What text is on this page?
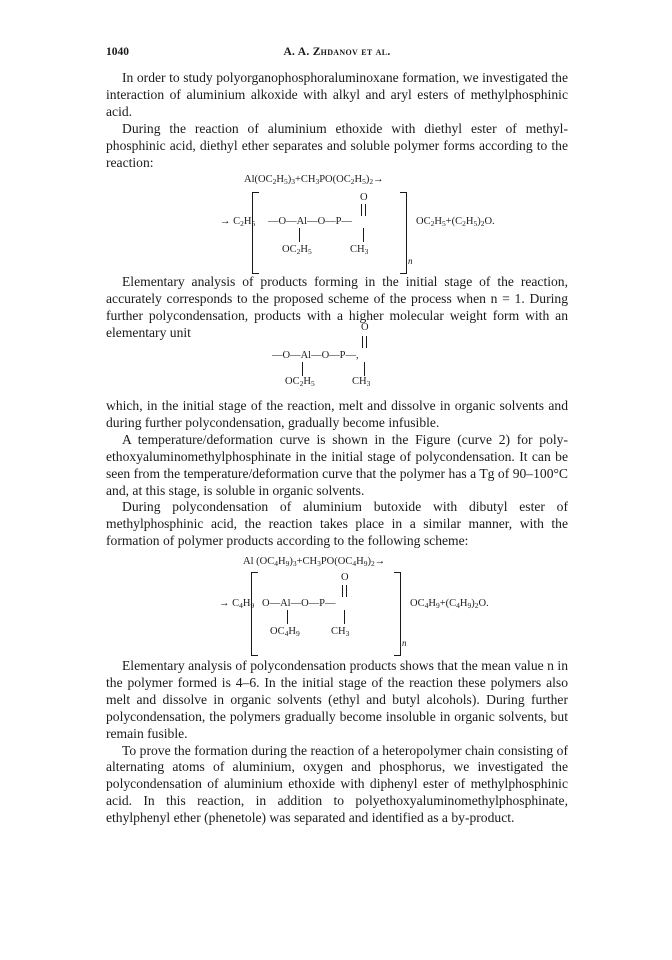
1040	A. A. Zhdanov et al.

In order to study polyorganophosphoraluminoxane formation, we investigated the interaction of aluminium alkoxide with alkyl and aryl esters of methylphosphinic acid.

During the reaction of aluminium ethoxide with diethyl ester of methylphosphinic acid, diethyl ether separates and soluble polymer forms according to the reaction:

$Al(OC_2H_5)_3+CH_3PO(OC_2H_5)_2\to$
→ $C_2H_5$
O
—O—Al—O—P—
$OC_2H_5$	$CH_3$
n
$OC_2H_5+(C_2H_5)_2O$.

Elementary analysis of products forming in the initial stage of the reaction, accurately corresponds to the proposed scheme of the process when n = 1. During further polycondensation, products with a higher molecular weight form with an elementary unit	O
—O—Al—O—P—,
$OC_2H_5$	$CH_3$

which, in the initial stage of the reaction, melt and dissolve in organic solvents and during further polycondensation, gradually become infusible.

A temperature/deformation curve is shown in the Figure (curve 2) for polyethoxyaluminomethylphosphinate in the initial stage of polycondensation. It can be seen from the temperature/deformation curve that the polymer has a Tg of 90–100°C and, at this stage, is soluble in organic solvents.

During polycondensation of aluminium butoxide with dibutyl ester of methylphosphinic acid, the reaction takes place in a similar manner, with the formation of polymer products according to the following scheme:

Al $(OC_4H_9)_3+CH_3PO(OC_4H_9)_2\to$
→ $C_4H_9$
O
O—Al—O—P—
$OC_4H_9$	$CH_3$
n
$OC_4H_9+(C_4H_9)_2O$.

Elementary analysis of polycondensation products shows that the mean value n in the polymer formed is 4–6. In the initial stage of the reaction these polymers also melt and dissolve in organic solvents (ethyl and butyl alcohols). During further polycondensation, the polymers gradually become insoluble in organic solvents, but remain fusible.

To prove the formation during the reaction of a heteropolymer chain consisting of alternating atoms of aluminium, oxygen and phosphorus, we investigated the polycondensation of aluminium ethoxide with diphenyl ester of methylphosphinic acid. In this reaction, in addition to polyethoxyaluminomethylphosphinate, ethylphenyl ether (phenetole) was separated and identified as a by-product.
